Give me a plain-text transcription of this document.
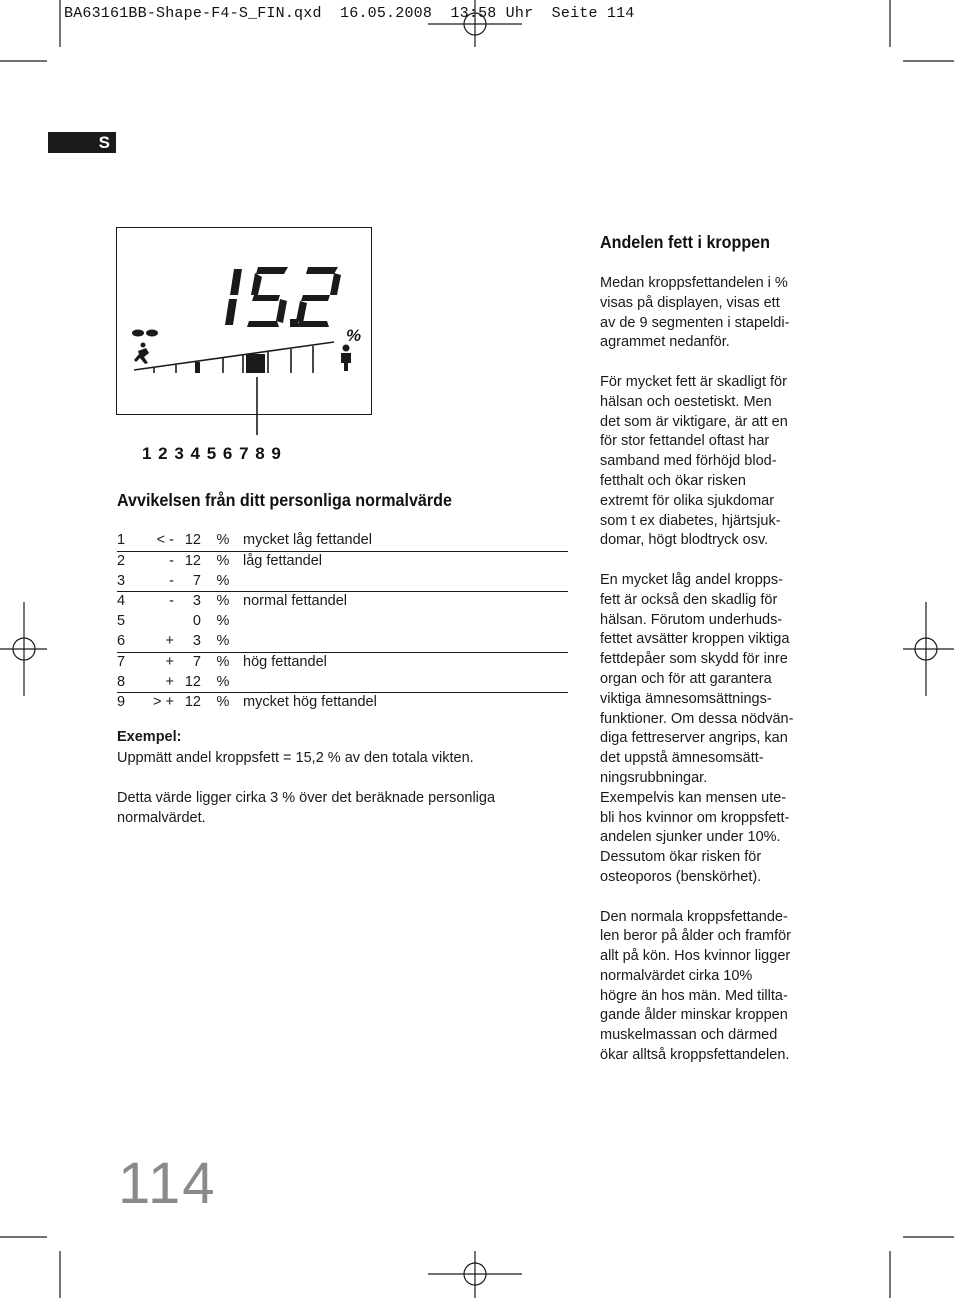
BA63161BB-Shape-F4-S_FIN.qxd  16.05.2008  13:58 Uhr  Seite 114
S
%
1 2 3 4 5 6 7 8 9
Avvikelsen från ditt personliga normalvärde
1	< -	12	%	mycket låg fettandel
2	-	12	%	låg fettandel
3	-	7	%	
4	-	3	%	normal fettandel
5		0	%	
6	+	3	%	
7	+	7	%	hög fettandel
8	+	12	%	
9	> +	12	%	mycket hög fettandel
Exempel:
Uppmätt andel kroppsfett = 15,2 % av den totala vikten.
Detta värde ligger cirka 3 % över det beräknade personliga normalvärdet.
Andelen fett i kroppen

Medan kroppsfettandelen i %
visas på displayen, visas ett
av de 9 segmenten i stapeldi-
agrammet nedanför.

För mycket fett är skadligt för
hälsan och oestetiskt. Men
det som är viktigare, är att en
för stor fettandel oftast har
samband med förhöjd blod-
fetthalt och ökar risken
extremt för olika sjukdomar
som t ex diabetes, hjärtsjuk-
domar, högt blodtryck osv.

En mycket låg andel kropps-
fett är också den skadlig för
hälsan. Förutom underhuds-
fettet avsätter kroppen viktiga
fettdepåer som skydd för inre
organ och för att garantera
viktiga ämnesomsättnings-
funktioner. Om dessa nödvän-
diga fettreserver angrips, kan
det uppstå ämnesomsätt-
ningsrubbningar.
Exempelvis kan mensen ute-
bli hos kvinnor om kroppsfett-
andelen sjunker under 10%.
Dessutom ökar risken för
osteoporos (benskörhet).

Den normala kroppsfettande-
len beror på ålder och framför
allt på kön. Hos kvinnor ligger
normalvärdet cirka 10%
högre än hos män. Med tillta-
gande ålder minskar kroppen
muskelmassan och därmed
ökar alltså kroppsfettandelen.

114
